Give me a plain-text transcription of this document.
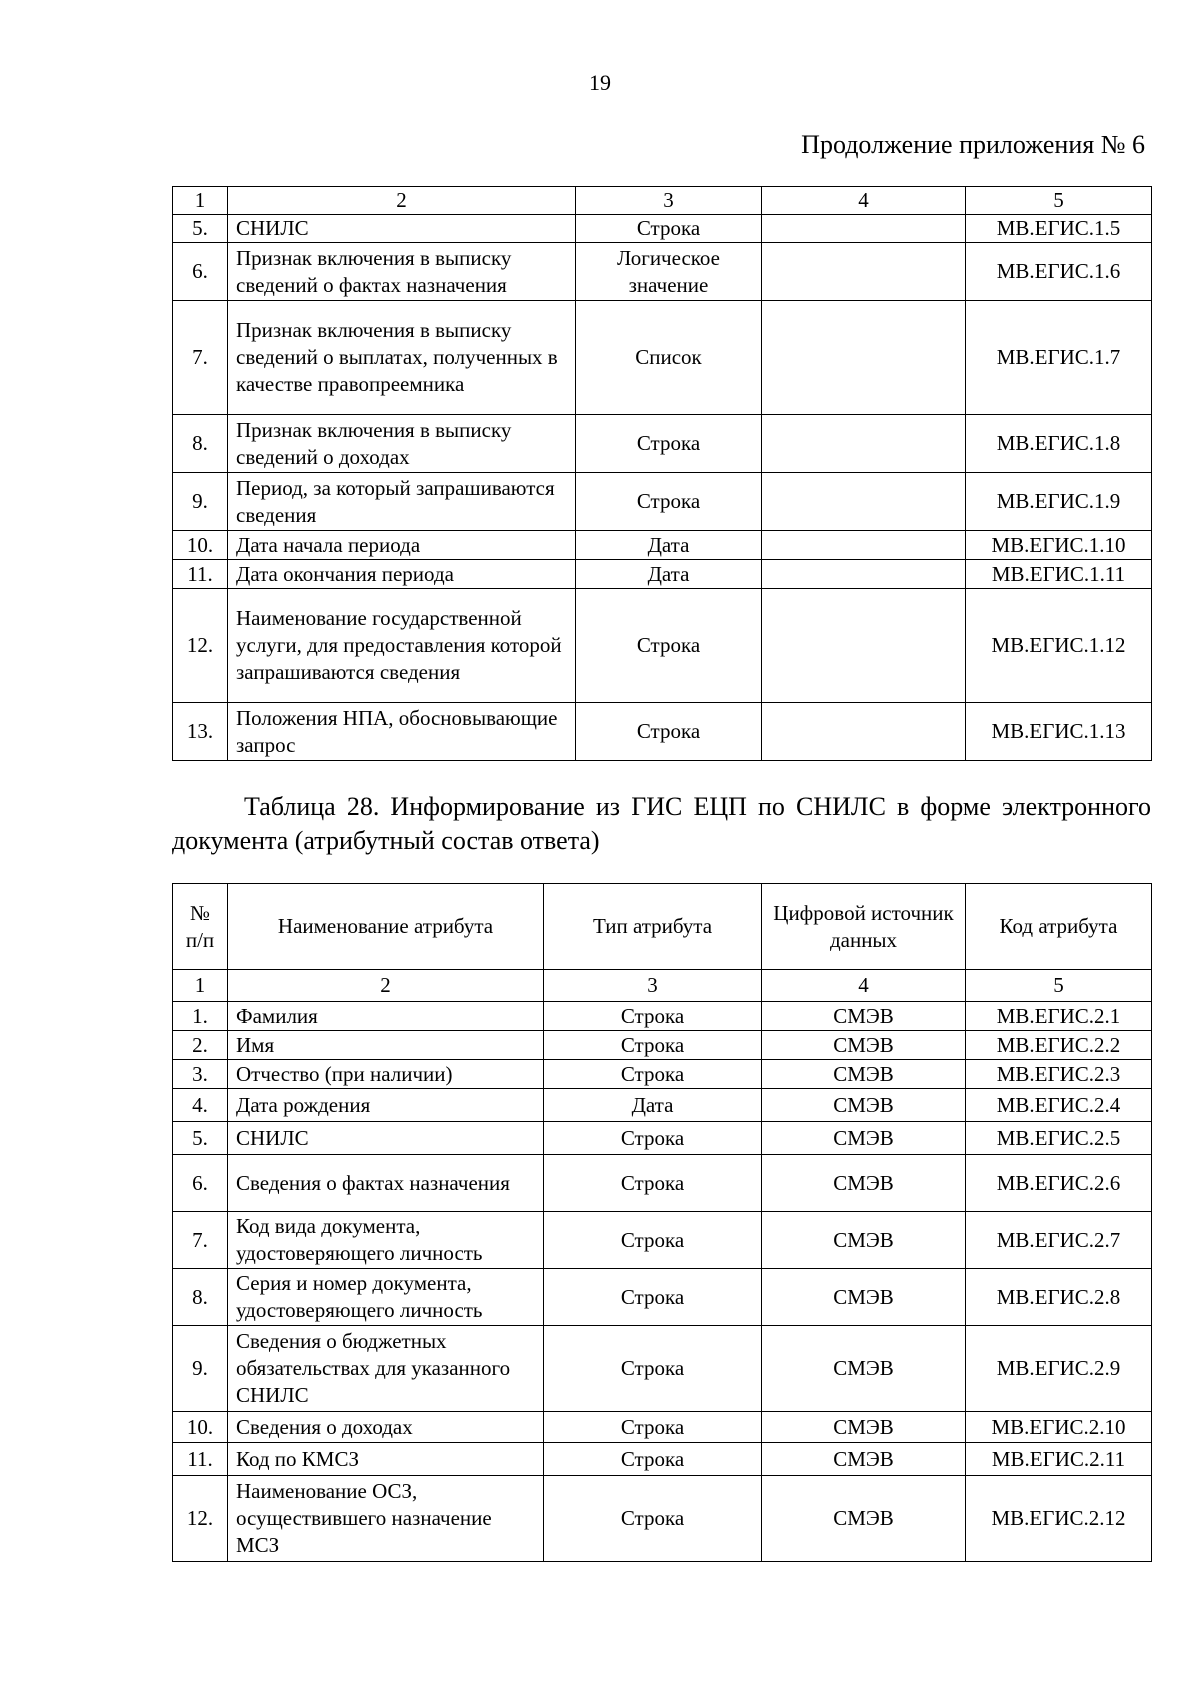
19
Продолжение приложения № 6
1	2	3	4	5
5.	СНИЛС	Строка		МВ.ЕГИС.1.5
6.	Признак включения в выписку сведений о фактах назначения	Логическое значение		МВ.ЕГИС.1.6
7.	Признак включения в выписку сведений о выплатах, полученных в качестве правопреемника	Список		МВ.ЕГИС.1.7
8.	Признак включения в выписку сведений о доходах	Строка		МВ.ЕГИС.1.8
9.	Период, за который запрашиваются сведения	Строка		МВ.ЕГИС.1.9
10.	Дата начала периода	Дата		МВ.ЕГИС.1.10
11.	Дата окончания периода	Дата		МВ.ЕГИС.1.11
12.	Наименование государственной услуги, для предоставления которой запрашиваются сведения	Строка		МВ.ЕГИС.1.12
13.	Положения НПА, обосновывающие запрос	Строка		МВ.ЕГИС.1.13
Таблица 28. Информирование из ГИС ЕЦП по СНИЛС в форме электронного документа (атрибутный состав ответа)
№ п/п	Наименование атрибута	Тип атрибута	Цифровой источник данных	Код атрибута
1	2	3	4	5
1.	Фамилия	Строка	СМЭВ	МВ.ЕГИС.2.1
2.	Имя	Строка	СМЭВ	МВ.ЕГИС.2.2
3.	Отчество (при наличии)	Строка	СМЭВ	МВ.ЕГИС.2.3
4.	Дата рождения	Дата	СМЭВ	МВ.ЕГИС.2.4
5.	СНИЛС	Строка	СМЭВ	МВ.ЕГИС.2.5
6.	Сведения о фактах назначения	Строка	СМЭВ	МВ.ЕГИС.2.6
7.	Код вида документа, удостоверяющего личность	Строка	СМЭВ	МВ.ЕГИС.2.7
8.	Серия и номер документа, удостоверяющего личность	Строка	СМЭВ	МВ.ЕГИС.2.8
9.	Сведения о бюджетных обязательствах для указанного СНИЛС	Строка	СМЭВ	МВ.ЕГИС.2.9
10.	Сведения о доходах	Строка	СМЭВ	МВ.ЕГИС.2.10
11.	Код по КМСЗ	Строка	СМЭВ	МВ.ЕГИС.2.11
12.	Наименование ОСЗ, осуществившего назначение МСЗ	Строка	СМЭВ	МВ.ЕГИС.2.12
